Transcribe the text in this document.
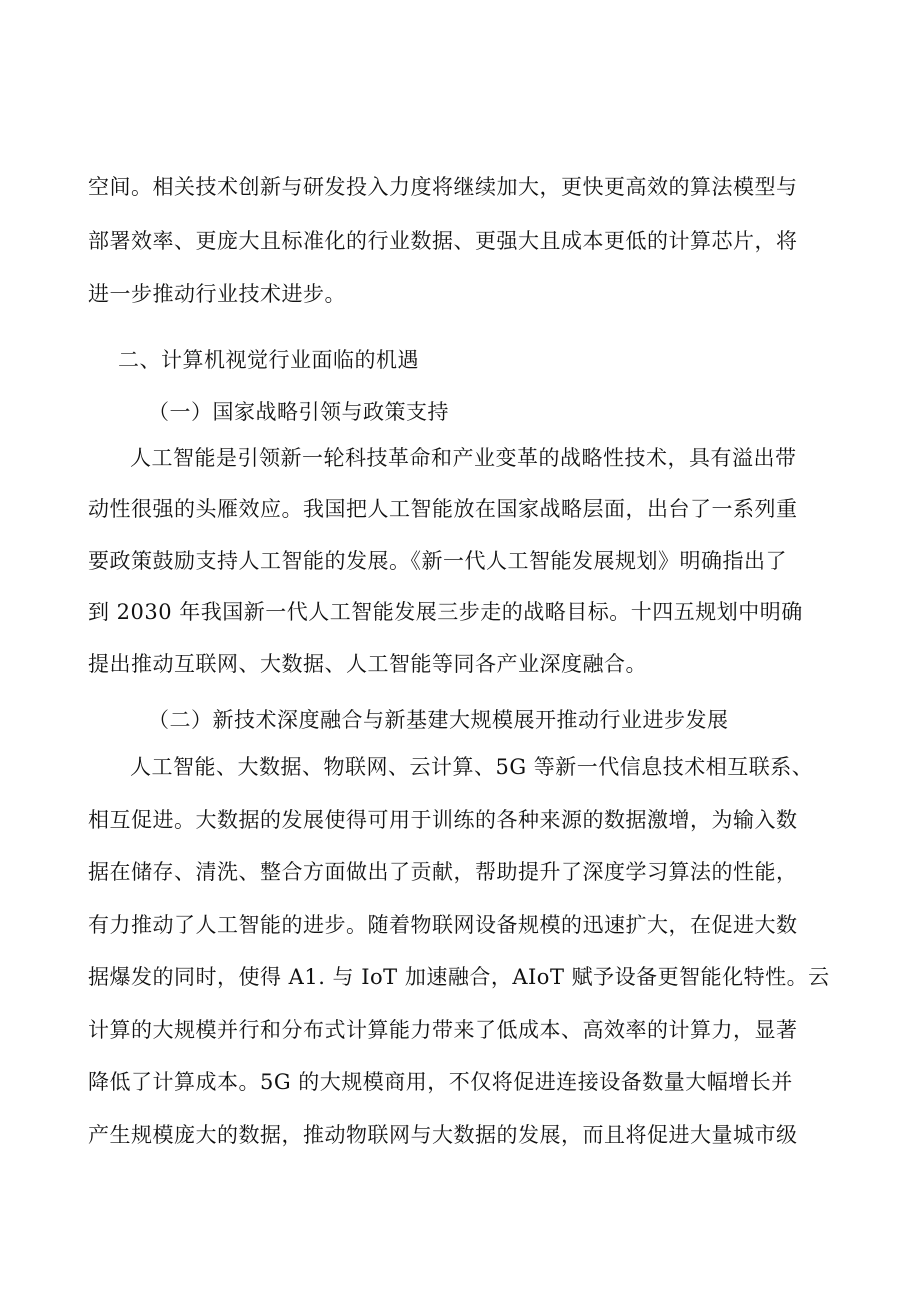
空间。相关技术创新与研发投入力度将继续加大，更快更高效的算法模型与
部署效率、更庞大且标准化的行业数据、更强大且成本更低的计算芯片，将
进一步推动行业技术进步。
二、计算机视觉行业面临的机遇
（一）国家战略引领与政策支持
人工智能是引领新一轮科技革命和产业变革的战略性技术，具有溢出带
动性很强的头雁效应。我国把人工智能放在国家战略层面，出台了一系列重
要政策鼓励支持人工智能的发展。《新一代人工智能发展规划》明确指出了
到 2030 年我国新一代人工智能发展三步走的战略目标。十四五规划中明确
提出推动互联网、大数据、人工智能等同各产业深度融合。
（二）新技术深度融合与新基建大规模展开推动行业进步发展
人工智能、大数据、物联网、云计算、5G 等新一代信息技术相互联系、
相互促进。大数据的发展使得可用于训练的各种来源的数据激增，为输入数
据在储存、清洗、整合方面做出了贡献，帮助提升了深度学习算法的性能，
有力推动了人工智能的进步。随着物联网设备规模的迅速扩大，在促进大数
据爆发的同时，使得 A1. 与 IoT 加速融合，AIoT 赋予设备更智能化特性。云
计算的大规模并行和分布式计算能力带来了低成本、高效率的计算力，显著
降低了计算成本。5G 的大规模商用，不仅将促进连接设备数量大幅增长并
产生规模庞大的数据，推动物联网与大数据的发展，而且将促进大量城市级
